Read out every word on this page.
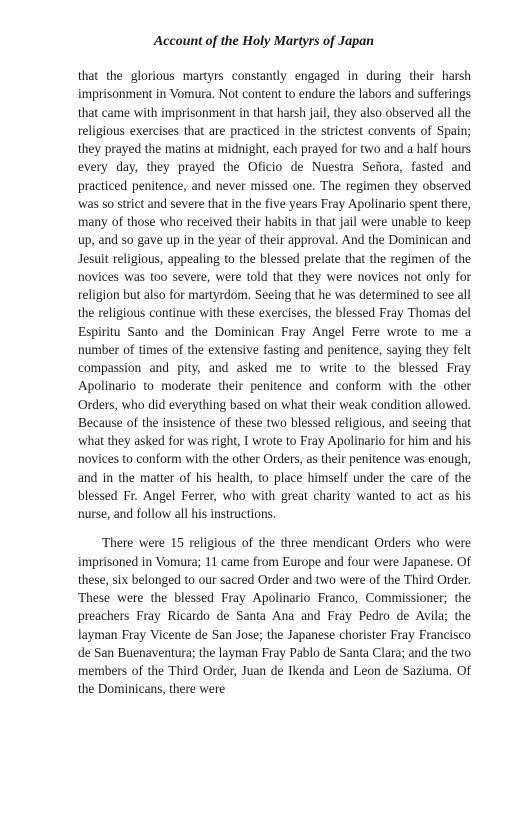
Account of the Holy Martyrs of Japan

that the glorious martyrs constantly engaged in during their harsh imprisonment in Vomura. Not content to endure the labors and sufferings that came with imprisonment in that harsh jail, they also observed all the religious exercises that are practiced in the strictest convents of Spain; they prayed the matins at midnight, each prayed for two and a half hours every day, they prayed the Oficio de Nuestra Señora, fasted and practiced penitence, and never missed one. The regimen they observed was so strict and severe that in the five years Fray Apolinario spent there, many of those who received their habits in that jail were unable to keep up, and so gave up in the year of their approval. And the Dominican and Jesuit religious, appealing to the blessed prelate that the regimen of the novices was too severe, were told that they were novices not only for religion but also for martyrdom. Seeing that he was determined to see all the religious continue with these exercises, the blessed Fray Thomas del Espiritu Santo and the Dominican Fray Angel Ferre wrote to me a number of times of the extensive fasting and penitence, saying they felt compassion and pity, and asked me to write to the blessed Fray Apolinario to moderate their penitence and conform with the other Orders, who did everything based on what their weak condition allowed. Because of the insistence of these two blessed religious, and seeing that what they asked for was right, I wrote to Fray Apolinario for him and his novices to conform with the other Orders, as their penitence was enough, and in the matter of his health, to place himself under the care of the blessed Fr. Angel Ferrer, who with great charity wanted to act as his nurse, and follow all his instructions.

There were 15 religious of the three mendicant Orders who were imprisoned in Vomura; 11 came from Europe and four were Japanese. Of these, six belonged to our sacred Order and two were of the Third Order. These were the blessed Fray Apolinario Franco, Commissioner; the preachers Fray Ricardo de Santa Ana and Fray Pedro de Avila; the layman Fray Vicente de San Jose; the Japanese chorister Fray Francisco de San Buenaventura; the layman Fray Pablo de Santa Clara; and the two members of the Third Order, Juan de Ikenda and Leon de Saziuma. Of the Dominicans, there were
